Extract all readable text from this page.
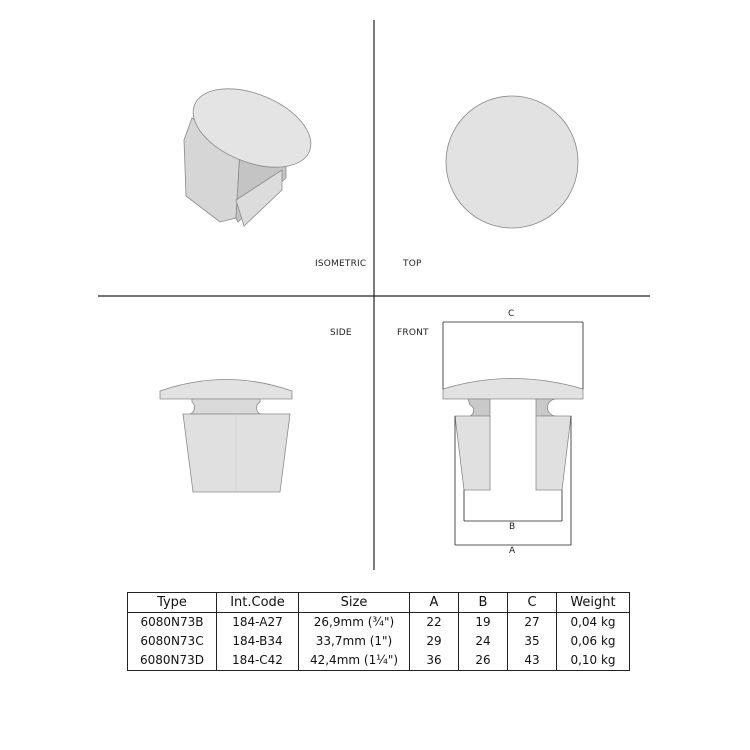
ISOMETRIC	TOP
SIDE	FRONT
C
B
A
Type	Int.Code	Size	A	B	C	Weight
6080N73B	184-A27	26,9mm (¾")	22	19	27	0,04 kg
6080N73C	184-B34	33,7mm (1")	29	24	35	0,06 kg
6080N73D	184-C42	42,4mm (1¼")	36	26	43	0,10 kg
